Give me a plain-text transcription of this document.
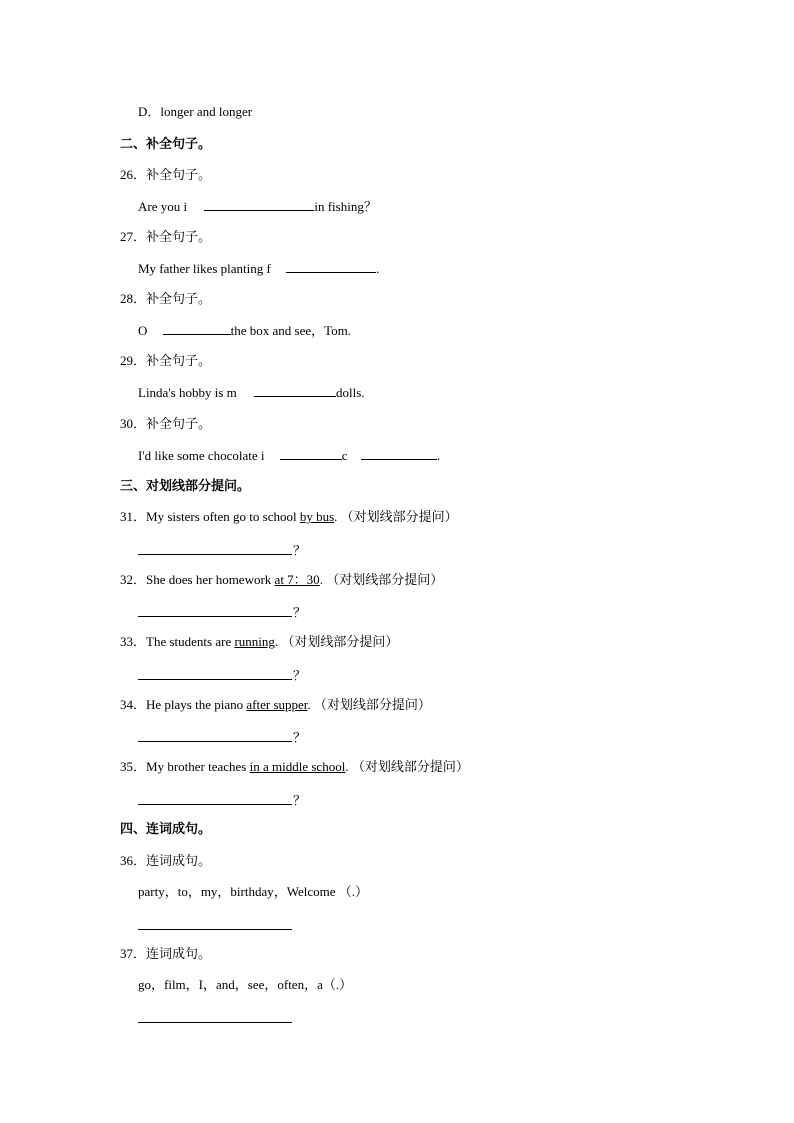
D．longer and longer
二、补全句子。
26．补全句子。
Are you i	in fishing？
27．补全句子。
My father likes planting f	.
28．补全句子。
O	the box and see，Tom.
29．补全句子。
Linda's hobby is m	dolls.
30．补全句子。
I'd like some chocolate i	c	.
三、对划线部分提问。
31．My sisters often go to school by bus. （对划线部分提问）
？
32．She does her homework at 7：30. （对划线部分提问）
？
33．The students are running. （对划线部分提问）
？
34．He plays the piano after supper. （对划线部分提问）
？
35．My brother teaches in a middle school. （对划线部分提问）
？
四、连词成句。
36．连词成句。
party，to，my，birthday，Welcome （.）
37．连词成句。
go，film，I，and，see，often，a（.）
